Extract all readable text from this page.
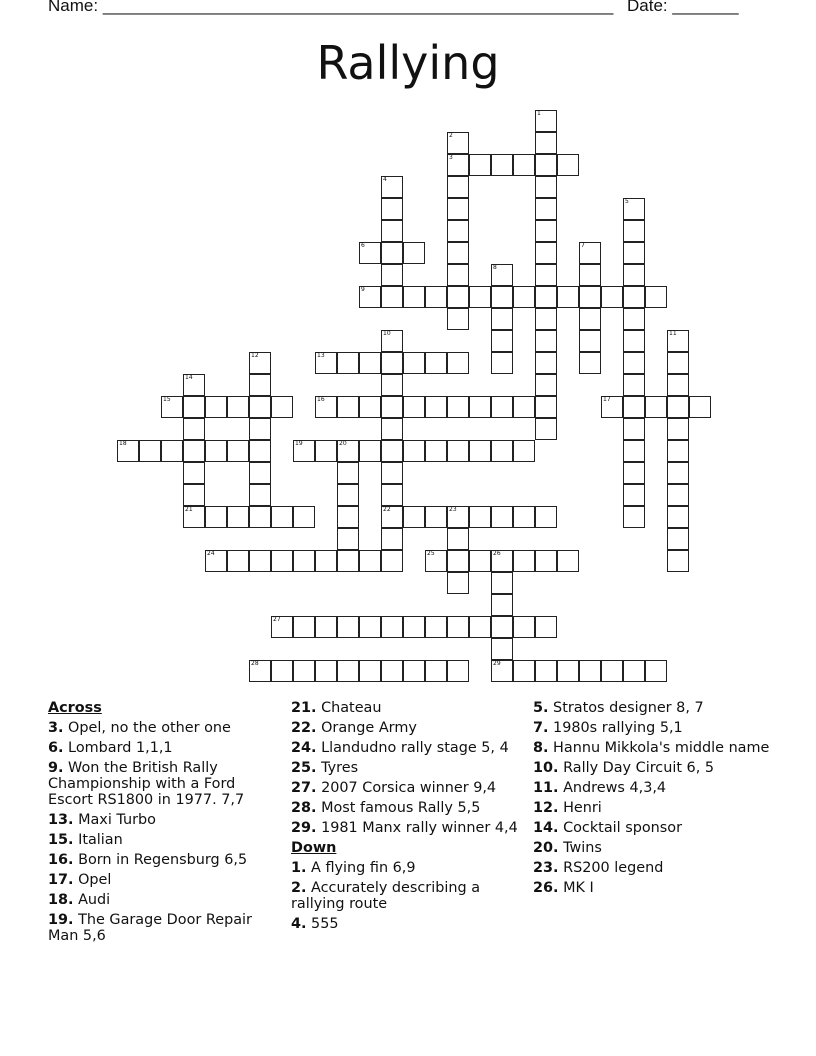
Name: ______________________________________________________ Date: _______
Rallying
1
2
3
4
5
6	7
8
9
10
22
11
12	13
14
15	16	17
18	19	20
21	23
24	25	26
29
27
28
Across
3. Opel, no the other one
6. Lombard 1,1,1
9. Won the British Rally Championship with a Ford Escort RS1800 in 1977. 7,7
13. Maxi Turbo
15. Italian
16. Born in Regensburg 6,5
17. Opel
18. Audi
19. The Garage Door Repair Man 5,6
21. Chateau
22. Orange Army
24. Llandudno rally stage 5, 4
25. Tyres
27. 2007 Corsica winner 9,4
28. Most famous Rally 5,5
29. 1981 Manx rally winner 4,4
Down
1. A flying fin 6,9
2. Accurately describing a rallying route
4. 555
5. Stratos designer 8, 7
7. 1980s rallying 5,1
8. Hannu Mikkola's middle name
10. Rally Day Circuit 6, 5
11. Andrews 4,3,4
12. Henri
14. Cocktail sponsor
20. Twins
23. RS200 legend
26. MK I
